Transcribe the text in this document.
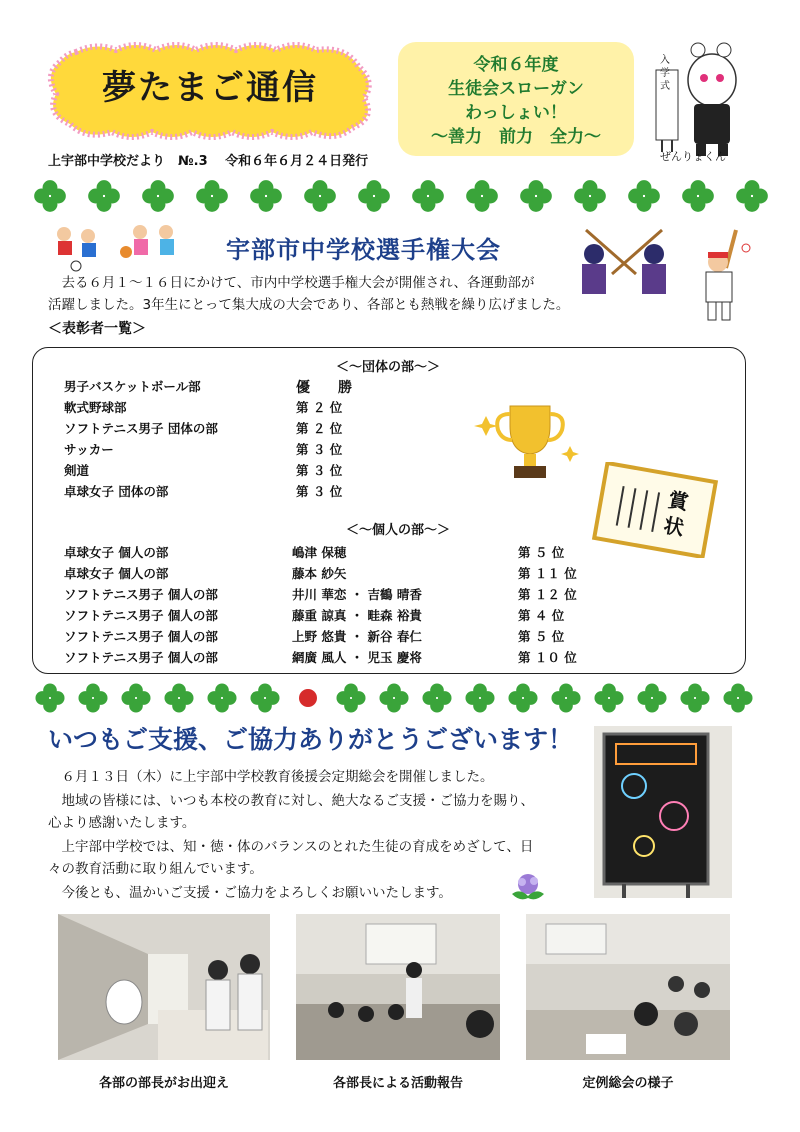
夢たまご通信
令和６年度
生徒会スローガン
わっしょい！
〜善力　前力　全力〜
入学式
ぜんりょくん
上宇部中学校だより　№.3　 令和６年６月２４日発行
宇部市中学校選手権大会
　去る６月１～１６日にかけて、市内中学校選手権大会が開催され、各運動部が
活躍しました。3年生にとって集大成の大会であり、各部とも熱戦を繰り広げました。
＜表彰者一覧＞
＜～団体の部～＞
男子バスケットボール部	優　　勝
軟式野球部	第 ２ 位
ソフトテニス男子 団体の部	第 ２ 位
サッカー	第 ３ 位
剣道	第 ３ 位
卓球女子 団体の部	第 ３ 位	賞状
＜～個人の部～＞
卓球女子 個人の部	嶋津 保穂	第 ５ 位
卓球女子 個人の部	藤本 紗矢	第 １１ 位
ソフトテニス男子 個人の部	井川 華恋 ・ 吉鶴 晴香	第 １２ 位
ソフトテニス男子 個人の部	藤重 諒真 ・ 畦森 裕貴	第 ４ 位
ソフトテニス男子 個人の部	上野 悠貴 ・ 新谷 春仁	第 ５ 位
ソフトテニス男子 個人の部	網廣 風人 ・ 児玉 慶将	第 １０ 位
いつもご支援、ご協力ありがとうございます！
　６月１３日（木）に上宇部中学校教育後援会定期総会を開催しました。
　地域の皆様には、いつも本校の教育に対し、絶大なるご支援・ご協力を賜り、
心より感謝いたします。
　上宇部中学校では、知・徳・体のバランスのとれた生徒の育成をめざして、日
々の教育活動に取り組んでいます。
　今後とも、温かいご支援・ご協力をよろしくお願いいたします。
各部の部長がお出迎え	各部長による活動報告	定例総会の様子
